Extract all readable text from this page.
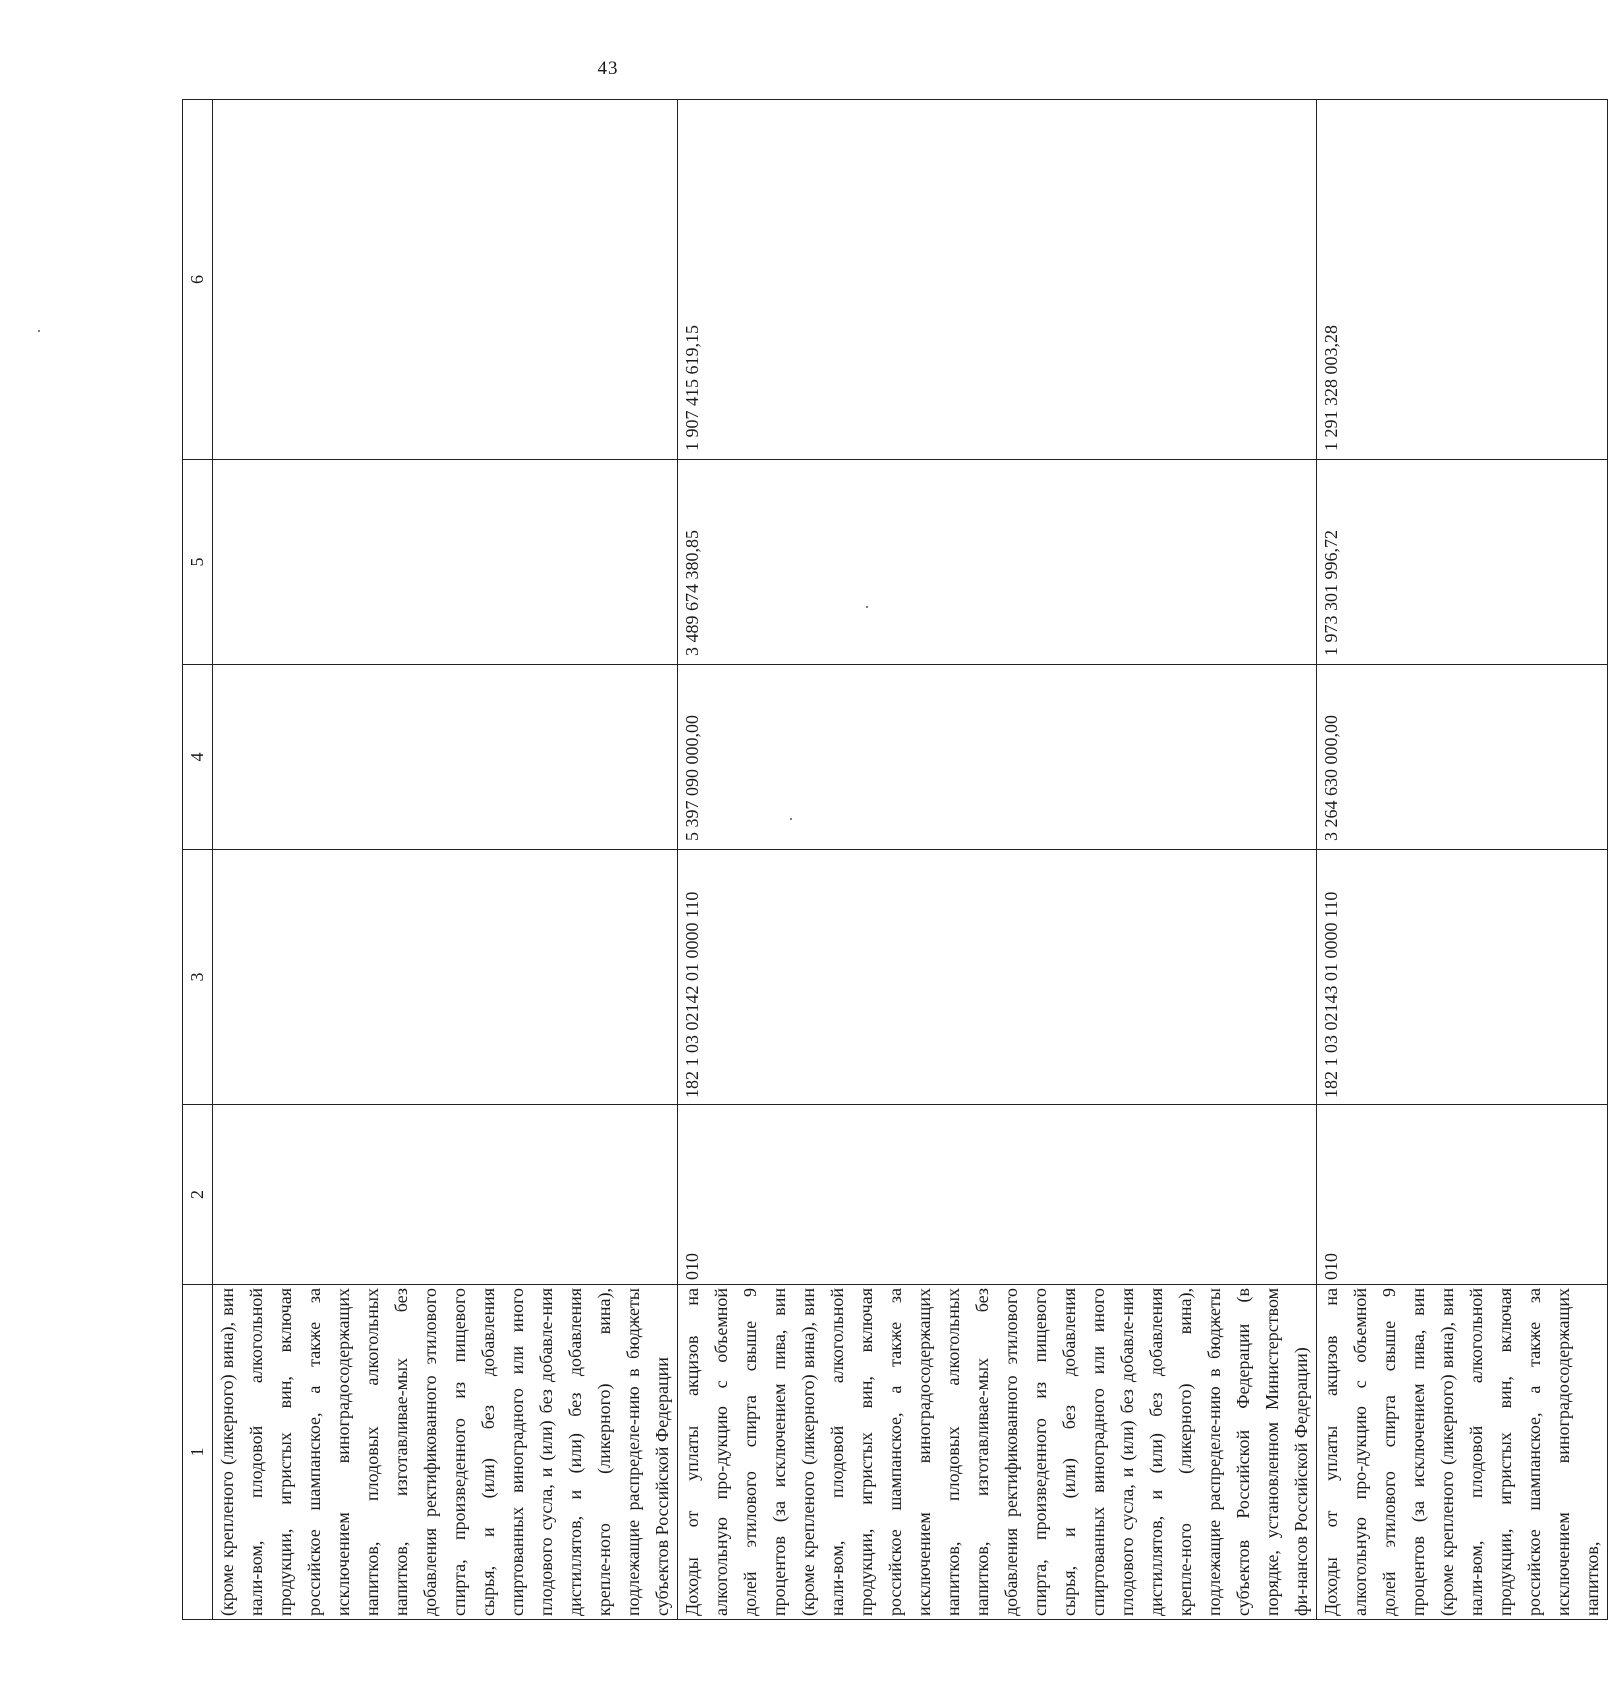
43
1	2	3	4	5	6
(кроме крепленого (ликерного) вина), вин нали-вом, плодовой алкогольной продукции, игристых вин, включая российское шампанское, а также за исключением виноградосодержащих напитков, плодовых алкогольных напитков, изготавливае-мых без добавления ректификованного этилового спирта, произведенного из пищевого сырья, и (или) без добавления спиртованных виноградного или иного плодового сусла, и (или) без добавле-ния дистиллятов, и (или) без добавления крепле-ного (ликерного) вина), подлежащие распределе-нию в бюджеты субъектов Российской Федерации					
Доходы от уплаты акцизов на алкогольную про-дукцию с объемной долей этилового спирта свыше 9 процентов (за исключением пива, вин (кроме крепленого (ликерного) вина), вин нали-вом, плодовой алкогольной продукции, игристых вин, включая российское шампанское, а также за исключением виноградосодержащих напитков, плодовых алкогольных напитков, изготавливае-мых без добавления ректификованного этилового спирта, произведенного из пищевого сырья, и (или) без добавления спиртованных виноградного или иного плодового сусла, и (или) без добавле-ния дистиллятов, и (или) без добавления крепле-ного (ликерного) вина), подлежащие распределе-нию в бюджеты субъектов Российской Федерации (в порядке, установленном Министерством фи-нансов Российской Федерации)	010	182 1 03 02142 01 0000 110	5 397 090 000,00	3 489 674 380,85	1 907 415 619,15
Доходы от уплаты акцизов на алкогольную про-дукцию с объемной долей этилового спирта свыше 9 процентов (за исключением пива, вин (кроме крепленого (ликерного) вина), вин нали-вом, плодовой алкогольной продукции, игристых вин, включая российское шампанское, а также за исключением виноградосодержащих напитков,	010	182 1 03 02143 01 0000 110	3 264 630 000,00	1 973 301 996,72	1 291 328 003,28
